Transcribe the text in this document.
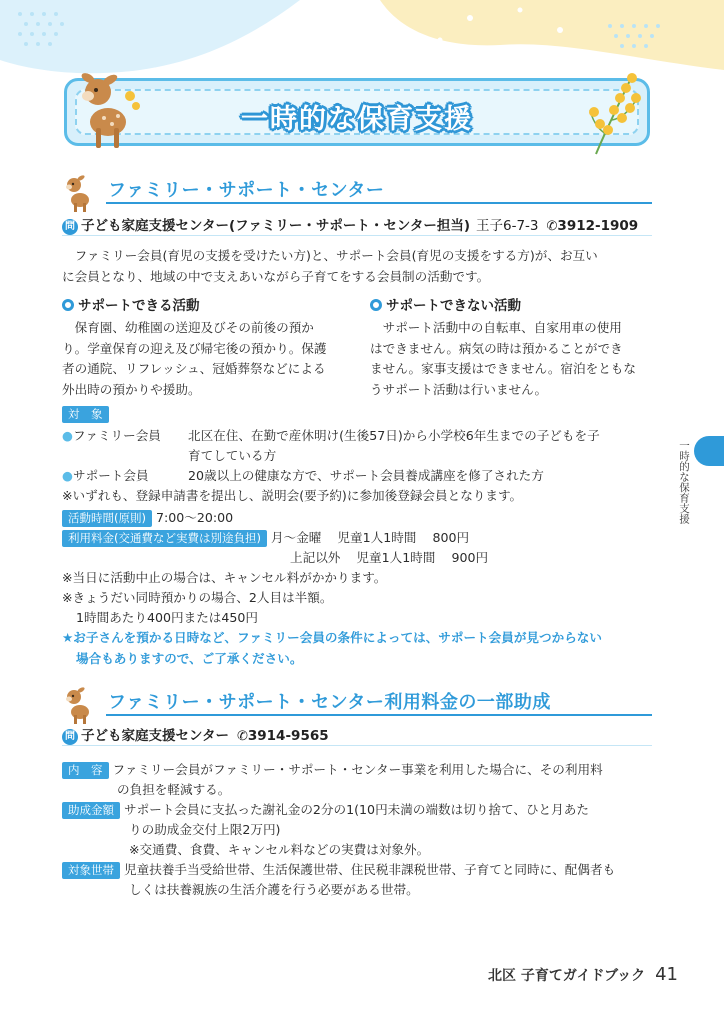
一時的な保育支援
ファミリー・サポート・センター
問 子ども家庭支援センター(ファミリー・サポート・センター担当) 王子6-7-3 ✆3912-1909
ファミリー会員(育児の支援を受けたい方)と、サポート会員(育児の支援をする方)が、お互い
に会員となり、地域の中で支えあいながら子育てをする会員制の活動です。
サポートできる活動
保育園、幼稚園の送迎及びその前後の預か
り。学童保育の迎え及び帰宅後の預かり。保護
者の通院、リフレッシュ、冠婚葬祭などによる
外出時の預かりや援助。
サポートできない活動
サポート活動中の自転車、自家用車の使用
はできません。病気の時は預かることができ
ません。家事支援はできません。宿泊をともな
うサポート活動は行いません。
対　象
●ファミリー会員 北区在住、在勤で産休明け(生後57日)から小学校6年生までの子どもを子
育てしている方
●サポート会員	20歳以上の健康な方で、サポート会員養成講座を修了された方
※いずれも、登録申請書を提出し、説明会(要予約)に参加後登録会員となります。
活動時間(原則) 7:00〜20:00
利用料金(交通費など実費は別途負担) 月〜金曜 児童1人1時間 800円
上記以外 児童1人1時間 900円
※当日に活動中止の場合は、キャンセル料がかかります。
※きょうだい同時預かりの場合、2人目は半額。
1時間あたり400円または450円
★お子さんを預かる日時など、ファミリー会員の条件によっては、サポート会員が見つからない
場合もありますので、ご了承ください。
ファミリー・サポート・センター利用料金の一部助成
問 子ども家庭支援センター ✆3914-9565
内　容 ファミリー会員がファミリー・サポート・センター事業を利用した場合に、その利用料
の負担を軽減する。
助成金額 サポート会員に支払った謝礼金の2分の1(10円未満の端数は切り捨て、ひと月あた
りの助成金交付上限2万円)
※交通費、食費、キャンセル料などの実費は対象外。
対象世帯 児童扶養手当受給世帯、生活保護世帯、住民税非課税世帯、子育てと同時に、配偶者も
しくは扶養親族の生活介護を行う必要がある世帯。
一時的な保育支援
北区 子育てガイドブック 41
